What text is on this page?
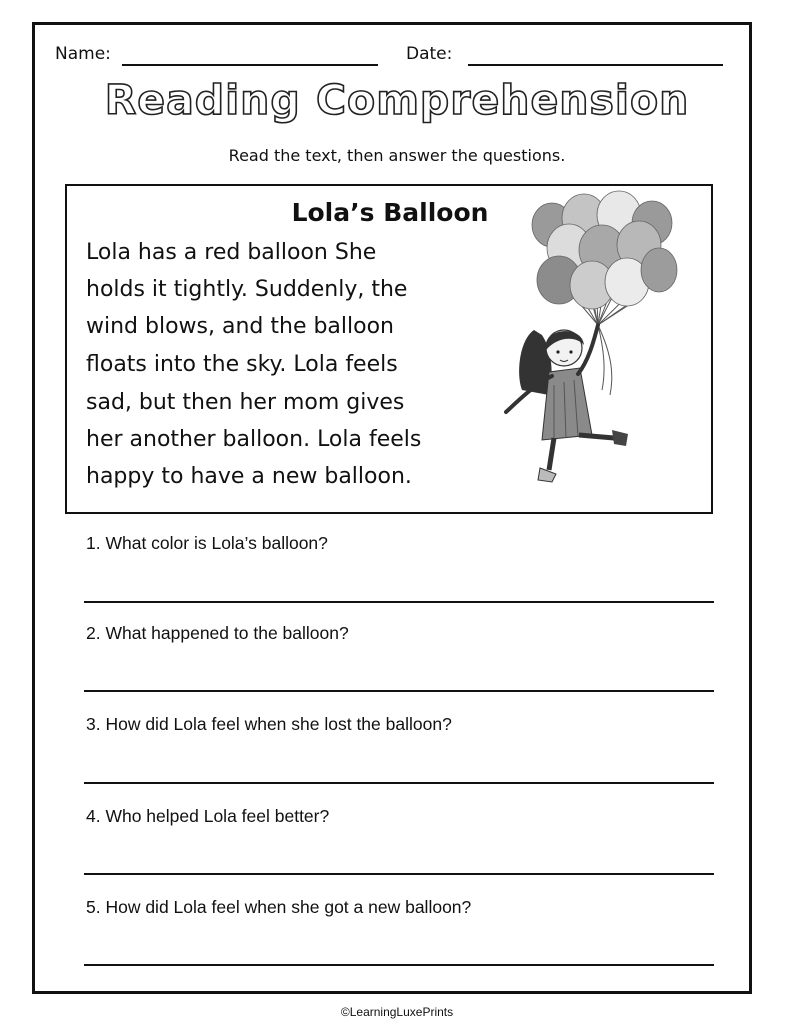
Name:	Date:
Reading Comprehension
Read the text, then answer the questions.
Lola’s Balloon
Lola has a red balloon She
holds it tightly. Suddenly, the
wind blows, and the balloon
floats into the sky. Lola feels
sad, but then her mom gives
her another balloon. Lola feels
happy to have a new balloon.
1. What color is Lola’s balloon?
2. What happened to the balloon?
3. How did Lola feel when she lost the balloon?
4. Who helped Lola feel better?
5. How did Lola feel when she got a new balloon?
©LearningLuxePrints
